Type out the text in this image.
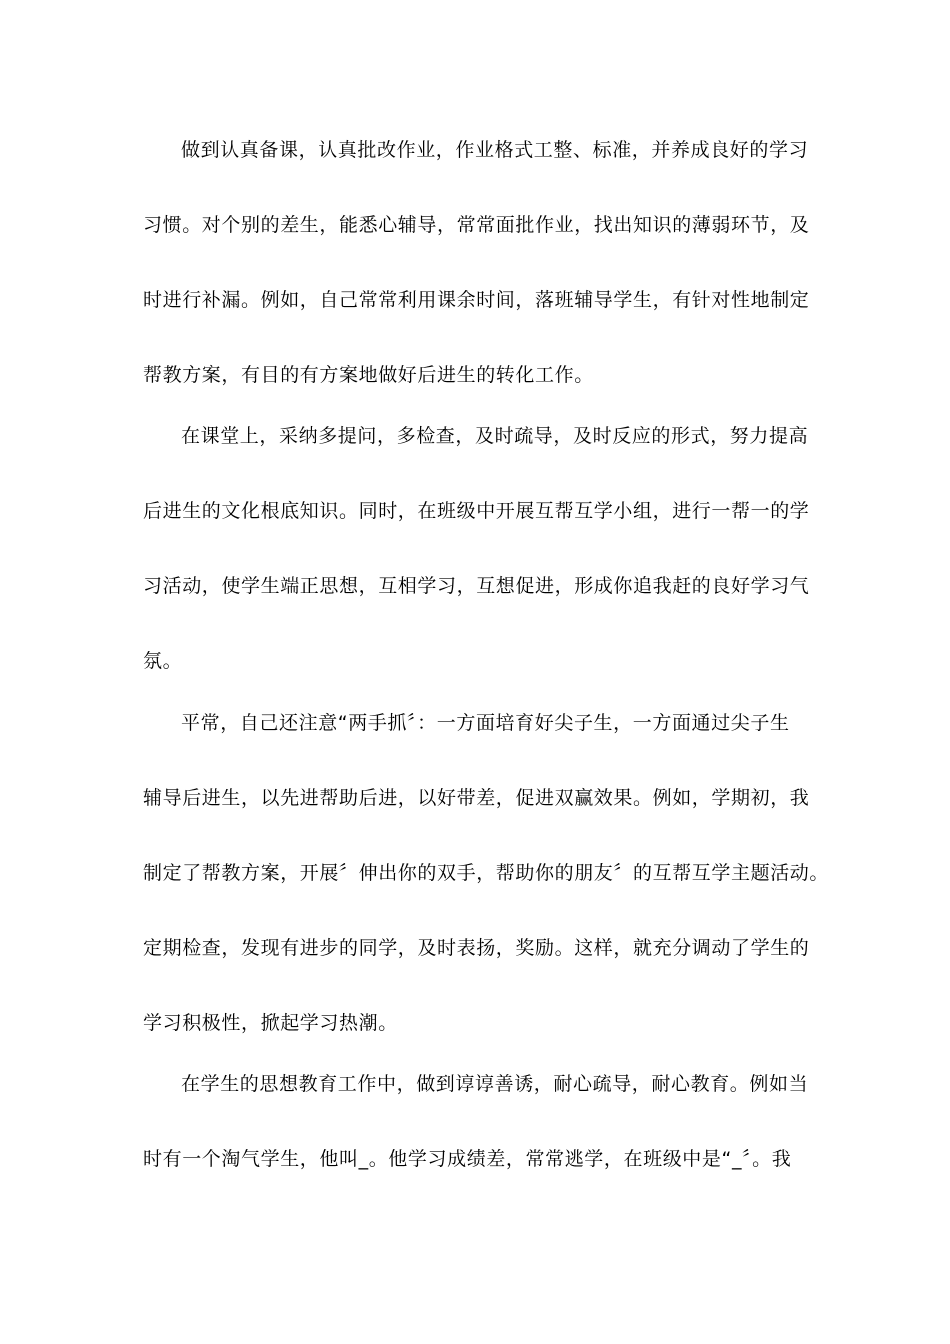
做到认真备课，认真批改作业，作业格式工整、标准，并养成良好的学习
习惯。对个别的差生，能悉心辅导，常常面批作业，找出知识的薄弱环节，及
时进行补漏。例如，自己常常利用课余时间，落班辅导学生，有针对性地制定
帮教方案，有目的有方案地做好后进生的转化工作。
在课堂上，采纳多提问，多检查，及时疏导，及时反应的形式，努力提高
后进生的文化根底知识。同时，在班级中开展互帮互学小组，进行一帮一的学
习活动，使学生端正思想，互相学习，互想促进，形成你追我赶的良好学习气
氛。
平常，自己还注意“两手抓〞：一方面培育好尖子生，一方面通过尖子生
辅导后进生，以先进帮助后进，以好带差，促进双赢效果。例如，学期初，我
制定了帮教方案，开展〞伸出你的双手，帮助你的朋友〞的互帮互学主题活动。
定期检查，发现有进步的同学，及时表扬，奖励。这样，就充分调动了学生的
学习积极性，掀起学习热潮。
在学生的思想教育工作中，做到谆谆善诱，耐心疏导，耐心教育。例如当
时有一个淘气学生，他叫_。他学习成绩差，常常逃学，在班级中是“_〞。我
